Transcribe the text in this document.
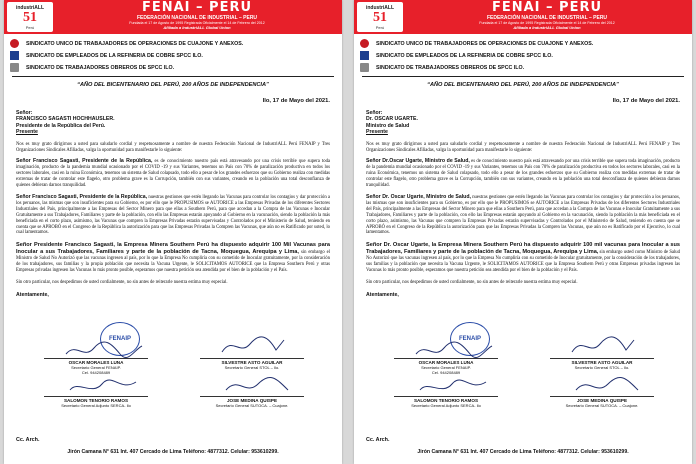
industriALL
51
Perú
FENAI – PERU
FEDERACIÓN NACIONAL DE INDUSTRIAL – PERU
Fundada el 17 de Agosto de 1995 Registrada Oficialmente el 14 de Febrero del 2012
Afiliada a IndustriALL Global Union
SINDICATO UNICO DE TRABAJADORES DE OPERACIONES DE CUAJONE Y ANEXOS.
SINDICATO DE EMPLEADOS DE LA REFINERIA DE COBRE SPCC ILO.
SINDICATO DE TRABAJADORES OBREROS DE SPCC ILO.
“AÑO DEL BICENTENARIO DEL PERÚ, 200 AÑOS DE INDEPENDENCIA”
Ilo, 17 de Mayo del 2021.
Señor:
FRANCISCO SAGASTI HOCHHAUSLER.
Presidente de la República del Perú.
Presente

Nos es muy grato dirigirnos a usted para saludarlo cordial y respetuosamente a nombre de nuestra Federación Nacional de IndustriALL Perú FENAIP y Tres Organizaciones Sindicales Afiliadas, valga la oportunidad para manifestarle lo siguiente:

Señor Francisco Sagasti, Presidente de la República, es de conocimiento nuestro país está atravesando por una crisis terrible que supera toda imaginación, producto de la pandemia mundial ocasionado por el COVID -19 y sus Variantes, tenemos un País con 70% de paralización productiva en todos los sectores laborales, casi en la ruina Económica, tenemos un sistema de Salud colapsado, todo ello a pesar de los grandes esfuerzos que su Gobierno realiza con medidas extremas de tratar de controlar este flagelo, otro problema grave es la Corrupción, también con sus variantes, creando en la población una total desconfianza de quienes debieran darnos tranquilidad.

Señor Francisco Sagasti, Presidente de la República, nuestras gestiones que estén llegando las Vacunas para controlar los contagios y dar protección a los peruanos, las mismas que son insuficientes para su Gobierno, es por ello que le PROPUSIMOS se AUTORICE a las Empresas Privadas de los diferentes Sectores Industriales del País, principalmente a las Empresas del Sector Minero para que ellas a Southern Perú, para que accedan a la Compra de las Vacunas e Inocular Gratuitamente a sus Trabajadores, Familiares y parte de la población, con ello las Empresas estarán apoyando al Gobierno en la vacunación, siendo la población la más beneficiada en el corto plazo, asimismo, las Vacunas que compren la Empresas Privadas estarán supervisadas y Controlados por el Ministerio de Salud, teniendo en cuenta que se APROBÓ en el Congreso de la República la autorización para que las Empresas Privadas la Compren las Vacunas, que aún no es Ratificado por usted, lo cual lamentamos.

Señor Presidente Francisco Sagasti, la Empresa Minera Southern Perú ha dispuesto adquirir 100 Mil Vacunas para Inocular a sus Trabajadores, Familiares y parte de la población de Tacna, Moquegua, Arequipa y Lima, sin embargo el Ministro de Salud No Autorizó que las vacunas ingresen al país, por lo que la Empresa No cumpliría con su cometido de Inocular gratuitamente, por la consideración de los trabajadores, sus familias y la propia población que necesita la Vacuna Urgente, le SOLICITAMOS AUTORICE que la Empresa Southern Perú y otras Empresas privadas ingresen las Vacunas lo más pronto posible, esperamos que nuestra petición sea atendida por el bien de la población y el País.

Sin otro particular, nos despedimos de usted cordialmente, no sin antes de reiterarle nuestra estima muy especial.

Atentamente,
FENAIP
OSCAR MORALES LUNA
Secretario General FENAIP.
Cel. 944208489
SILVESTRE ASTO AGUILAR
Secretario General STOL – Ilo.
SALOMON TENORIO RAMOS
Secretario General Adjunto SERCA- Ilo
JOSE MEDINA QUISPE
Secretario General SUTOCA. – Cuajone.
Cc. Arch.
Jirón Camana N° 631 Int. 407 Cercado de Lima Teléfono: 4877312. Celular: 953610299.
industriALL
51
Perú
FENAI – PERU
FEDERACIÓN NACIONAL DE INDUSTRIAL – PERU
Fundada el 17 de Agosto de 1995 Registrada Oficialmente el 14 de Febrero del 2012
Afiliada a IndustriALL Global Union
SINDICATO UNICO DE TRABAJADORES DE OPERACIONES DE CUAJONE Y ANEXOS.
SINDICATO DE EMPLEADOS DE LA REFINERIA DE COBRE SPCC ILO.
SINDICATO DE TRABAJADORES OBREROS DE SPCC ILO.
“AÑO DEL BICENTENARIO DEL PERÚ, 200 AÑOS DE INDEPENDENCIA”
Ilo, 17 de Mayo del 2021.
Señor:
Dr. OSCAR UGARTE.
Ministro de Salud
Presente

Nos es muy grato dirigirnos a usted para saludarlo cordial y respetuosamente a nombre de nuestra Federación Nacional de IndustriALL Perú FENAIP y Tres Organizaciones Sindicales Afiliadas, valga la oportunidad para manifestarle lo siguiente:

Señor Dr.Oscar Ugarte, Ministro de Salud, es de conocimiento nuestro país está atravesando por una crisis terrible que supera toda imaginación, producto de la pandemia mundial ocasionado por el COVID -19 y sus Variantes, tenemos un País con 70% de paralización productiva en todos los sectores laborales, casi en la ruina Económica, tenemos un sistema de Salud colapsado, todo ello a pesar de los grandes esfuerzos que su Gobierno realiza con medidas extremas de tratar de controlar este flagelo, otro problema grave es la Corrupción, también con sus variantes, creando en la población una total desconfianza de quienes debieran darnos tranquilidad.

Señor Dr. Oscar Ugarte, Ministro de Salud, nuestras gestiones que estén llegando las Vacunas para controlar los contagios y dar protección a los peruanos, las mismas que son insuficientes para su Gobierno, es por ello que le PROPUSIMOS se AUTORICE a las Empresas Privadas de los diferentes Sectores Industriales del País, principalmente a las Empresas del Sector Minero para que ellas a Southern Perú, para que accedan a la Compra de las Vacunas e Inocular Gratuitamente a sus Trabajadores, Familiares y parte de la población, con ello las Empresas estarán apoyando al Gobierno en la vacunación, siendo la población la más beneficiada en el corto plazo, asimismo, las Vacunas que compren la Empresas Privadas estarán supervisadas y Controlados por el Ministerio de Salud, teniendo en cuenta que se APROBÓ en el Congreso de la República la autorización para que las Empresas Privadas la Compren las Vacunas, que aún no es Ratificado por el Ejecutivo, lo cual lamentamos.

Señor Dr. Oscar Ugarte, la Empresa Minera Southern Perú ha dispuesto adquirir 100 mil vacunas para Inocular a sus Trabajadores, Familiares y parte de la población de Tacna, Moquegua, Arequipa y Lima, sin embargo usted como Ministro de Salud No Autorizó que las vacunas ingresen al país, por lo que la Empresa No cumpliría con su cometido de Inocular gratuitamente, por la consideración de los trabajadores, sus familias y la población que necesita la Vacuna Urgente, le SOLICITAMOS AUTORICE que la Empresa Southern Perú y otras Empresas privadas ingresen las Vacunas lo más pronto posible, esperamos que nuestra petición sea atendida por el bien de la población y el País.

Sin otro particular, nos despedimos de usted cordialmente, no sin antes de reiterarle nuestra estima muy especial.

Atentamente,
FENAIP
OSCAR MORALES LUNA
Secretario General FENAIP.
Cel. 944208489
SILVESTRE ASTO AGUILAR
Secretario General STOL – Ilo.
SALOMON TENORIO RAMOS
Secretario General Adjunto SERCA- Ilo
JOSE MEDINA QUISPE
Secretario General SUTOCA. – Cuajone.
Cc. Arch.
Jirón Camana N° 631 Int. 407 Cercado de Lima Teléfono: 4877312. Celular: 953610299.
